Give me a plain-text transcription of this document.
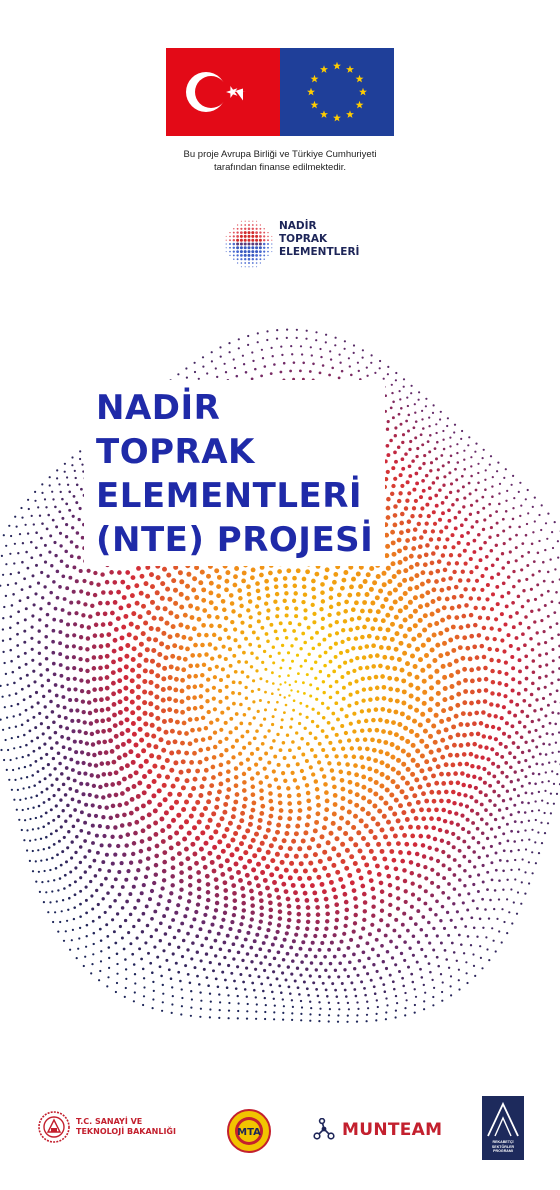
Bu proje Avrupa Birliği ve Türkiye Cumhuriyeti
tarafından finanse edilmektedir.
NADİR
TOPRAK
ELEMENTLERİ
NADİR
TOPRAK
ELEMENTLERİ
(NTE) PROJESİ
T.C. SANAYİ VE
TEKNOLOJİ BAKANLIĞI	MTA	MUNTEAM
REKABETÇİ
SEKTÖRLER
PROGRAMI
